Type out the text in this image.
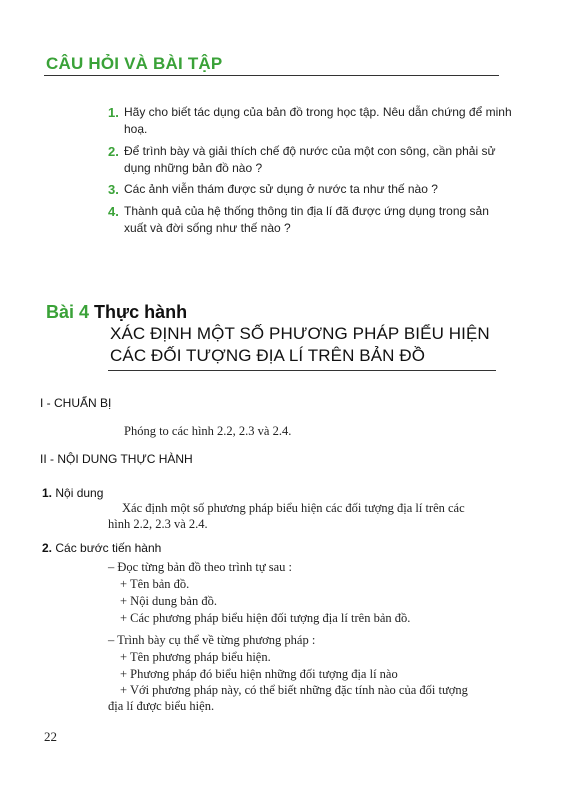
CÂU HỎI VÀ BÀI TẬP
1. Hãy cho biết tác dụng của bản đồ trong học tập. Nêu dẫn chứng để minh hoạ.
2. Để trình bày và giải thích chế độ nước của một con sông, cần phải sử dụng những bản đồ nào ?
3. Các ảnh viễn thám được sử dụng ở nước ta như thế nào ?
4. Thành quả của hệ thống thông tin địa lí đã được ứng dụng trong sản xuất và đời sống như thế nào ?
Bài 4 Thực hành
XÁC ĐỊNH MỘT SỐ PHƯƠNG PHÁP BIỂU HIỆN
CÁC ĐỐI TƯỢNG ĐỊA LÍ TRÊN BẢN ĐỒ
I - CHUẨN BỊ
Phóng to các hình 2.2, 2.3 và 2.4.
II - NỘI DUNG THỰC HÀNH
1. Nội dung
Xác định một số phương pháp biểu hiện các đối tượng địa lí trên các
hình 2.2, 2.3 và 2.4.
2. Các bước tiến hành
– Đọc từng bản đồ theo trình tự sau :
+ Tên bản đồ.
+ Nội dung bản đồ.
+ Các phương pháp biểu hiện đối tượng địa lí trên bản đồ.
– Trình bày cụ thể về từng phương pháp :
+ Tên phương pháp biểu hiện.
+ Phương pháp đó biểu hiện những đối tượng địa lí nào
+ Với phương pháp này, có thể biết những đặc tính nào của đối tượng
địa lí được biểu hiện.
22
